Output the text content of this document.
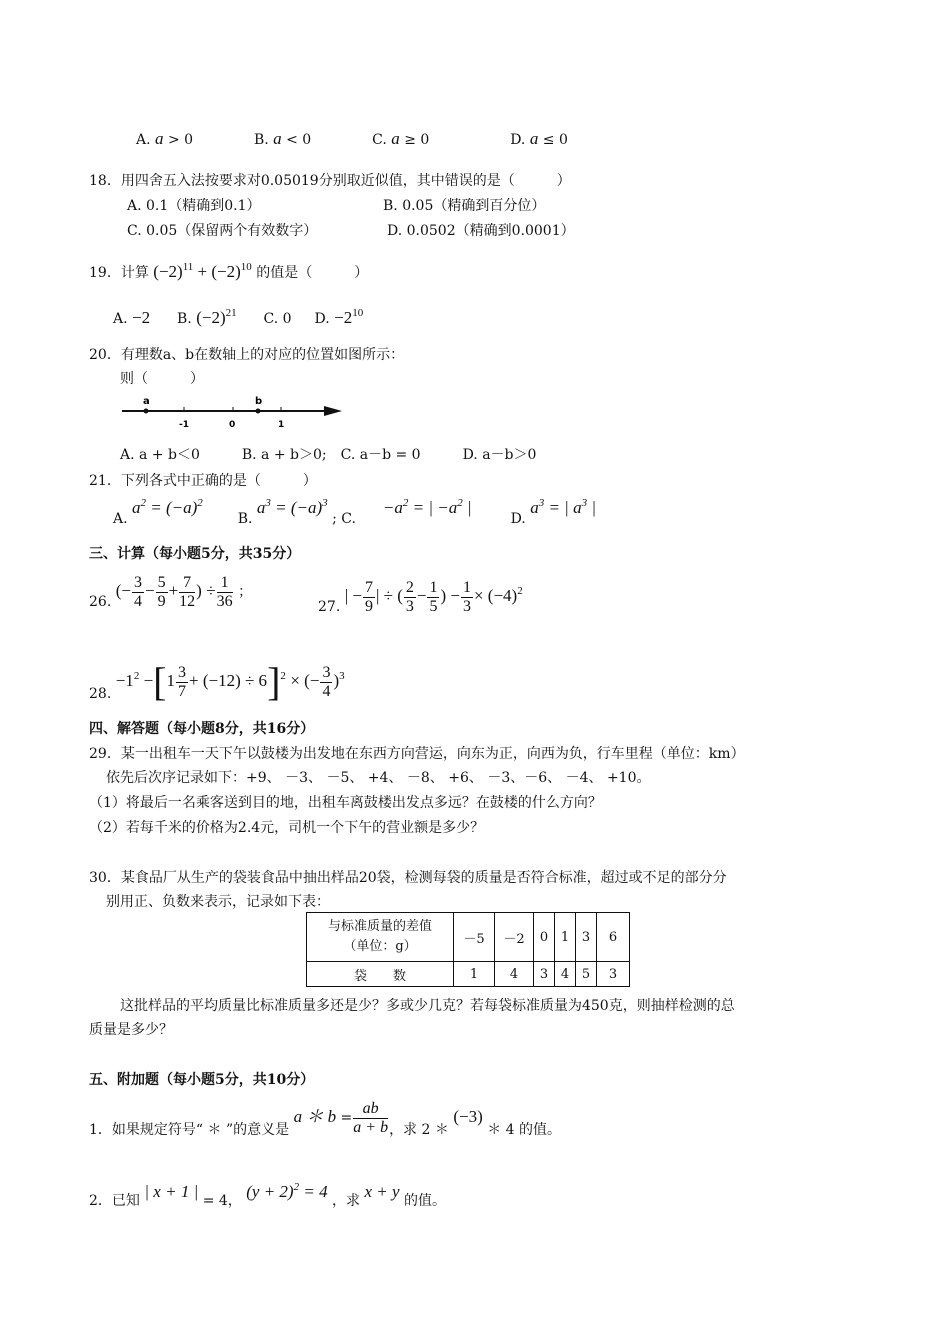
A. a > 0	B. a < 0	C. a ≥ 0	D. a ≤ 0
18．用四舍五入法按要求对0.05019分别取近似值，其中错误的是（　　　）
A. 0.1（精确到0.1）	B. 0.05（精确到百分位）
C. 0.05（保留两个有效数字）	D. 0.0502（精确到0.0001）
19．计算 $(-2)^{11} + (-2)^{10}$ 的值是（　　　）
A. −2 B. $(-2)^{21}$ C. 0 D. $-2^{10}$
20．有理数a、b在数轴上的对应的位置如图所示：
则（　　　）
a	b
-1	0	1
A. a + b＜0　　　B. a + b＞0;　C. a－b = 0　　　D. a－b＞0
21．下列各式中正确的是（　　　）
A. $a^2 = (-a)^2$  B. $a^3 = (-a)^3$ ; C.  $-a^2$ = | $-a^2$ |  D. $a^3$ = | $a^3$ |
三、计算（每小题5分，共35分）
26. (− $\frac{3}{4} - \frac{5}{9} + \frac{7}{12}$ ) ÷ $\frac{1}{36}$ ；
27. | − $\frac{7}{9}$ | ÷ ( $\frac{2}{3} - \frac{1}{5}$ ) − $\frac{1}{3} \times (-4)^2$
28. $-1^2 -[1 \frac{3}{7} + (-12) \div 6]^2$ × (− $\frac{3}{4} )^3$
四、解答题（每小题8分，共16分）
29．某一出租车一天下午以鼓楼为出发地在东西方向营运，向东为正，向西为负，行车里程（单位：km）
依先后次序记录如下：+9、 －3、 －5、 +4、 －8、 +6、 －3、－6、 －4、 +10。
（1）将最后一名乘客送到目的地，出租车离鼓楼出发点多远？在鼓楼的什么方向？
（2）若每千米的价格为2.4元，司机一个下午的营业额是多少？
30．某食品厂从生产的袋装食品中抽出样品20袋，检测每袋的质量是否符合标准，超过或不足的部分分
别用正、负数来表示，记录如下表：
与标准质量的差值
（单位：g）	－5	－2	0	1	3	6
袋　　数	1	4	3	4	5	3
这批样品的平均质量比标准质量多还是少？多或少几克？若每袋标准质量为450克，则抽样检测的总
质量是多少？
五、附加题（每小题5分，共10分）
1．如果规定符号“ ＊ ”的意义是 a ＊ $b = \frac{ab}{a + b}$ ，求 2 ＊ (−3) ＊ 4 的值。
2．已知 | x + 1 | = 4， $(y + 2)^2 = 4$ ，求 x + y 的值。
